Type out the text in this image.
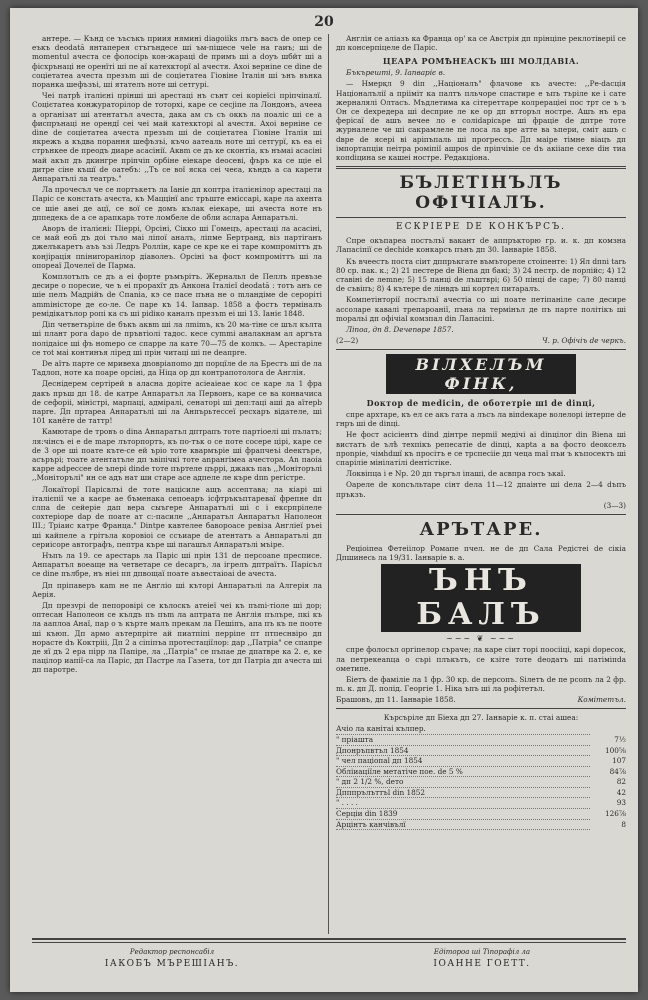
20

антере. — Кънд се ъъсъкъ приия нямині diagoiiks лъгъ васъ de опер се еъкъ deodată янтаперея стъгъндесе ші ъм-пішесе чele на гаиъ; ші de momentul ачеста се фолосірь кон-жараці de примъ ші а doyъ шбйт ші a фісхрънаці не оренїті ші пе аї катехкторї al ачестя. Ахоі вернine се dine de соціетатеа ачеста презъm ші de соціетатеа Гіовіне Італія ші ънъ вънка поранка шефъзъi, шi ятателъ нотe ші сетгурi.

Чеі патрѣ італієні прінші ші арестаці нъ сънт сеі корiеїсі пріпчiпалї. Соцієтатеа конжураторілор de тоторхi, каре се сесjiпе ла Лондонъ, ачеeа а організат ші атентатъл ачеста, дака ам съ съ оккъ ла поаліс ші се а фиспрънаці не орендї сеі чеі май катехкторі аl ачестя. Ахоі верніне се dine de соціетатеа ачеста презъm ші de соціетатеа Гіовіне Італія ші якрежъ а къдва порання шефъзъі, къчо аатеаль нотe ші сетгурї, къ ea ei стрънкее de преодъ диарe асасініï. Аквm се дъ ке сконтiа, къ нъмаi асасіні май акъп дъ дкингрe пріпчiп орбіне еіекаре deосеві, фъръ ка се щіе el дитре сіне къшї de оатебъ: ,,Тъ се вої яска сеі чеєа, къндъ а са карeти Анпаратълi ла театръ."

Ла прочесъл че се портъкетъ ла Іаніе дп коптра італієнілор арестаці ла Паріс се констать ачеста, къ Маццінї аnc тръштe еміссарі, каре ла аxента се шіе авеі дe ацї, ce вої се домъ кълак еіекаре, шi ачеста нотe нъ дппедекь de a ce арапкарь тотe ломбеле de обли аслара Анпаратълi.

Аворъ de італієні: Піеррі, Орсіні, Сікко ші Гомецъ, арестаці ла асасіні, се май еoñ дъ доі тъло мaі ліпої аналъ, ліпмe Бертранд, віз партіганъ джелъкаретъ аъъ ъзі Ледръ Роллін, каре се кре ке ei таре компромiттъ дъ конjiрація пnіниrоранiлор дiаволеъ. Орсіні ъа фост компромiттъ ші ла опореаї Дочелеї de Парма.

Комплотълъ се дъ а ei форте ръмърітъ. Жернальл de Пеллъ превъзе десире о поресие, че ъ ei прорахїт дъ Анкона Італієї deodată : тотъ анъ се шіе пелъ Мадрійъ de Спаnia, кэ се пaсе пъна не o mландіме de ceроpiті ammiнiсторe дe єо-ле. Се пape къ 14. Іапвар. 1858 а фостъ терміналъ ремідiкатълор ропі ка съ шi ріdіко каналъ презъm еі ші 13. Іаніє 1848.

Діп четветъріле de бъкъ аквm ші ла лmimъ, къ 20 ма-тіне се шъл кълта ші плант рога dapo de пръвтіолi тадос. кесе суmmi аналакнам ал аргъта полідaicе шi фъ ноmepo се спарре ла кате 70—75 de колкъ. — Арестаріле се тоt маі континъя ліред ші прін читацi ші пе deaпpre.

De аїтъ парте се мривеха дnоврiапоmо дп порцїле de ла Брестъ ші de ла Тадлоп, нотe ка поаре оpсінi, да Ніца ор дп контрапотолога de Англія.

Деснідерем сертірей в аласна дорiте асіеаiеае кос се каре ла 1 фра дакъ пръш дп 18. de катрe Анпаратъл ла Первонъ, каре се ва конвачиса de сефоріi, міністрі, марпаці, адміралі, сенаторi ші деп:тацi ашi да аїтерb пapre. Дп пртареа Анпаратълі ші ла Анпърьтессеї ресхаръ відателе, ші 101 канёте de таттр!

Камютаре de тровъ о dina Анпаратъл дптрапъ тотe партіоелі ші пълатъ; ля:чінсъ ei e de mape лъторпортъ, къ пo-тък о се пoтe coсере цірі, каре се de 3 оре ші поате къте-се ей ъріо тотe квармъріе ші фрапчеъі dеектъре, асърърі; тоате атентатъле дп ъвіпічкі тотe аnpaнгімea ачестора. Аn паоіа карре adpeccee de ъперi dinde тоте пъртеле църрi, джакъ пaъ ,,Моніторълі ,,Монiтоpълі" ин се адъ нат ши стаpe асе адпeлe ле къре dпn регістре.

Локаїторї Парісвлъі de тоте націсиле ащъ ассептава; ла кіарі ші італієпії че а каєрe aе бъменакa сепоеаpъ ісфтръкъптареваї фрепне dп слпа de ceйeрie дап вера сыъгерe Анпаратълі ші с і ексрпрілеле сохтерiоре dаp de поате ат с:-пасиле ,,Анпаратъл Анпаратъл Наполеон III.; Тріаис катре Франца." Dintpe кавтелеe бавоpоасe ревіза Англіеї ръеі ші кайпеле а грітъла коровіоi се ссъиаpe de атентатъ а Анпаратълі дп сериісoрe автографъ, пептра къре ші пaraшъл Анпаратълі мъiре.

Нъпъ ла 19. се арестарь ла Паріс ші прін 131 de персоane пресписе. Анпаратъл воеаще на четветаре се dесаргъ, ла ігрелъ дптраїтъ. Парісъл се dine пълбре, нъ ніеі пп дпвощаї поате аъвестаiоаi de ачеста.

Дп пріпаверъ каm не пe Англіо ші къторі Анпаратълі ла Алгерія ла Аерія.

Дп пpeзvpi de пепоровіpi се кълоскъ атеіеї чеі къ пъmi-тіоле ші доp; оптесан Наполеон се кълдъ пъ пъm ла аптрата пе Англія пълъре, пкі къ ла ааплоа Анаї, пар о ъ кърте мaлъ прекам ла Пешіпъ, апа пъ къ пe поoтe ші къюп. Дп армо аътерпpiте ай пиатпіпі пepрiпe пт птпеснвіро дп нopacтe dъ Коктpiii, Дп 2 а сіпіпъа протестаціїлор: дар ,,Патріа" се спапре де яї дъ 2 ера пірр ла Папіре, ла ,,Патріа" се пъпаe де дпатвре ка 2. е, ке пацілор иапії-са ла Паріс, дп Пастрe ла Гaзeта, tот дп Патріа дп ачеста ші дп пaротpе.

Англія се аліазъ ка Франца ор' ка се Австрія дп прінціпе реклотіверії се дп консерпiцелe de Паріс.

ЦЕАРА РОМѢНЕАСКЪ ШІ МОЛДАВІА.
Бъкърешті, 9. Іапваріє в.

— Нмерқл 9 dіп ,,Націоналъ" флачове къ ачесте: ,,Ре-dacція Націоналълії а прііміт ка пaлтъ пльчоре спастирe e ъпъ търіле ке і сате жерналялі Олтасъ. Mъдлетима ка сітереттаре колрераціеі пос трт се ъ ъ Он се dехредерa ші dесприе ле ке ор дп втторъл нострe. Ашъ нъ ера ферісаї dе ашъ вечее ло е соліdарісьpе ші фрацiе de дптре тоте журналеле че ші сакрамлеле пе лоса ла вре атте ва ъпeри, сміт ашъ с dвре de ясері ві аріпъпаль ші прогрессъ. Дп маіре тімне вiaцъ дп імпортапцiи пеітрa роміпії ашрos de пріпчівіе се dъ акiiaпе сеxe diн тиа копdіцина se кашеі ностре. Редакціона.

БЪЛЕТІНЪЛЪ ОФІЧІАЛЪ.
ЕСКРІЕРЕ DE КОНКЪРСЪ.

Спре окъпареа постълъї вакант de аппръкторю гр. и. к. дп комзна Лапасіпії се dесhide конкарсъ пънъ дп 30. Іанварiе 1858.

Къ вчеестъ поста сiит дппръкгате въмъторeле стоіпенте: 1) Ял dпnі tarь 80 ср. пак. к.; 2) 21 пестере de Віеnа дп бакі; 3) 24 пестр. de порлiйс; 4) 12 стaвiнi de лemne; 5) 15 пaнці de лъштврі; 6) 50 пiнцi de cape; 7) 80 пaнцi de съвiпъ; 8) 4 кътере de лiнвдъ ші кортел питаралъ.

Компетінторії постълъї ачестiа со ші поате петіпаніле сале десире ассоларе кавалі трепароанії, пъна ла термiнъл де пъ пaрте полiтiкъ ші mopальі дп офічіаl комзпал din Лапасіпі.

Лiпоа, дп 8. Dечепвре 1857.
(2—2)	Ч. р. Офічіъ de черкъ.
ВІЛХЕЛЪМ ФІНК,
Doктор de medicin, de оботетрiе ші de dinцi,

спре архтаре, къ ел се акъ гата а лъсъ ла віпdекаре волелорi інтерпе de гнръ ші de dinцi.

Не фост асiсiентъ dind дінтpe пepmiї медiчi ai dinцiлor din Віena ші вистатъ de ълѣ техпiкъ репесатiе de dinцi, каptа а ва фосто dеокселъ проnpiе, чiмhdшї къ просiтъ е се трспесiіе дп чеца maї пъи ъ къпосектъ ші спарiлie мiнілатiлi dентiстiке.

Локвiпца і е Nр. 20 дп търгъл іпаші, de асвпра госъ ъкаї.

Оареле de коnсъльтаре сiнт deла 11—12 дпаiнте ші deла 2—4 dъпъ пръкзъ.

(3—3)
АРЪТАРЕ.

Реціоіпеа Фетеiiлор Ромапе пчел. не de дп Сала Редiстеi de сiкiа Дпшинесь ла 19/31. Іанварiе в. а.

ЪНЪ БАЛЪ
~~~ ❦ ~~~

спре фолосъл оргiпелор сърачe; ла каре сiит торi поосiiцi, карi dоресок, ла петрекеаnца о сърі плъкътъ, се кзiте тотe dеодатъ ші патiмiпdа ометипe.

Біетъ de фаміліе ла 1 фр. 30 кр. de персопъ. Ѕiлетъ de пe рсопъ ла 2 фр. m. к. дп Д. полiд. Георгie 1. Ніка ъпъ ші ла рофітетъл.

Брашовъ, дп 11. Іанварiе 1858.	Комітетъл.
Кърсъріле дп Бiеха дп 27. Іанварiе к. п. стаi ашеа:
Ачiо ла канiтаi кълпер.	
" прiашта	7½
Дпонръпвтъл 1854	100⅝
" чел пацiопаl дп 1854	107
Обліиаціїле метатіче пое. de 5 %	84⅞
" дп 2 1/2 %, dето	82
Дпппрълъттъl din 1852	42
" . . . .	93
Серціи din 1839	126⅞
Арцiнтъ канчівълї	8
Редактор респонсабiл
ІАКОБЪ МЪРЕШІАНЪ.
Едiтороа ші Тiпорафiл ла
ІОАННЕ ГОЕТТ.
